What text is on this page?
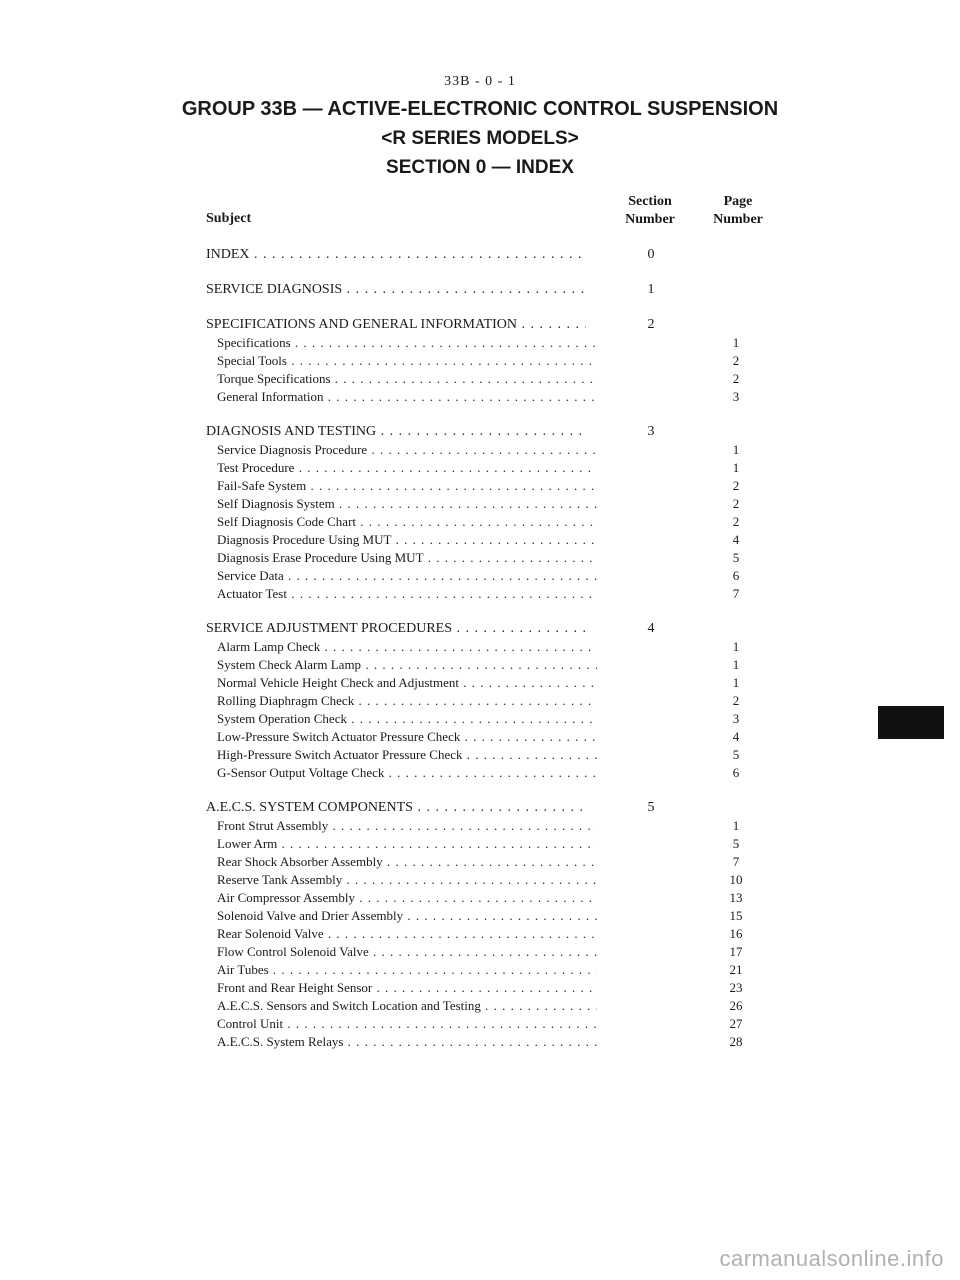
33B - 0 - 1
GROUP 33B — ACTIVE-ELECTRONIC CONTROL SUSPENSION
<R SERIES MODELS>
SECTION 0 — INDEX
Subject
Section
Number
Page
Number
INDEX . . .	0
SERVICE DIAGNOSIS . . .	1
SPECIFICATIONS AND GENERAL INFORMATION . . .	2
Specifications . . .	1
Special Tools . . .	2
Torque Specifications . . .	2
General Information . . .	3
DIAGNOSIS AND TESTING . . .	3
Service Diagnosis Procedure . . .	1
Test Procedure . . .	1
Fail-Safe System . . .	2
Self Diagnosis System . . .	2
Self Diagnosis Code Chart . . .	2
Diagnosis Procedure Using MUT . . .	4
Diagnosis Erase Procedure Using MUT . . .	5
Service Data . . .	6
Actuator Test . . .	7
SERVICE ADJUSTMENT PROCEDURES . . .	4
Alarm Lamp Check . . .	1
System Check Alarm Lamp . . .	1
Normal Vehicle Height Check and Adjustment . . .	1
Rolling Diaphragm Check . . .	2
System Operation Check . . .	3
Low-Pressure Switch Actuator Pressure Check . . .	4
High-Pressure Switch Actuator Pressure Check . . .	5
G-Sensor Output Voltage Check . . .	6
A.E.C.S. SYSTEM COMPONENTS . . .	5
Front Strut Assembly . . .	1
Lower Arm . . .	5
Rear Shock Absorber Assembly . . .	7
Reserve Tank Assembly . . .	10
Air Compressor Assembly . . .	13
Solenoid Valve and Drier Assembly . . .	15
Rear Solenoid Valve . . .	16
Flow Control Solenoid Valve . . .	17
Air Tubes . . .	21
Front and Rear Height Sensor . . .	23
A.E.C.S. Sensors and Switch Location and Testing . . .	26
Control Unit . . .	27
A.E.C.S. System Relays . . .	28
carmanualsonline.info
